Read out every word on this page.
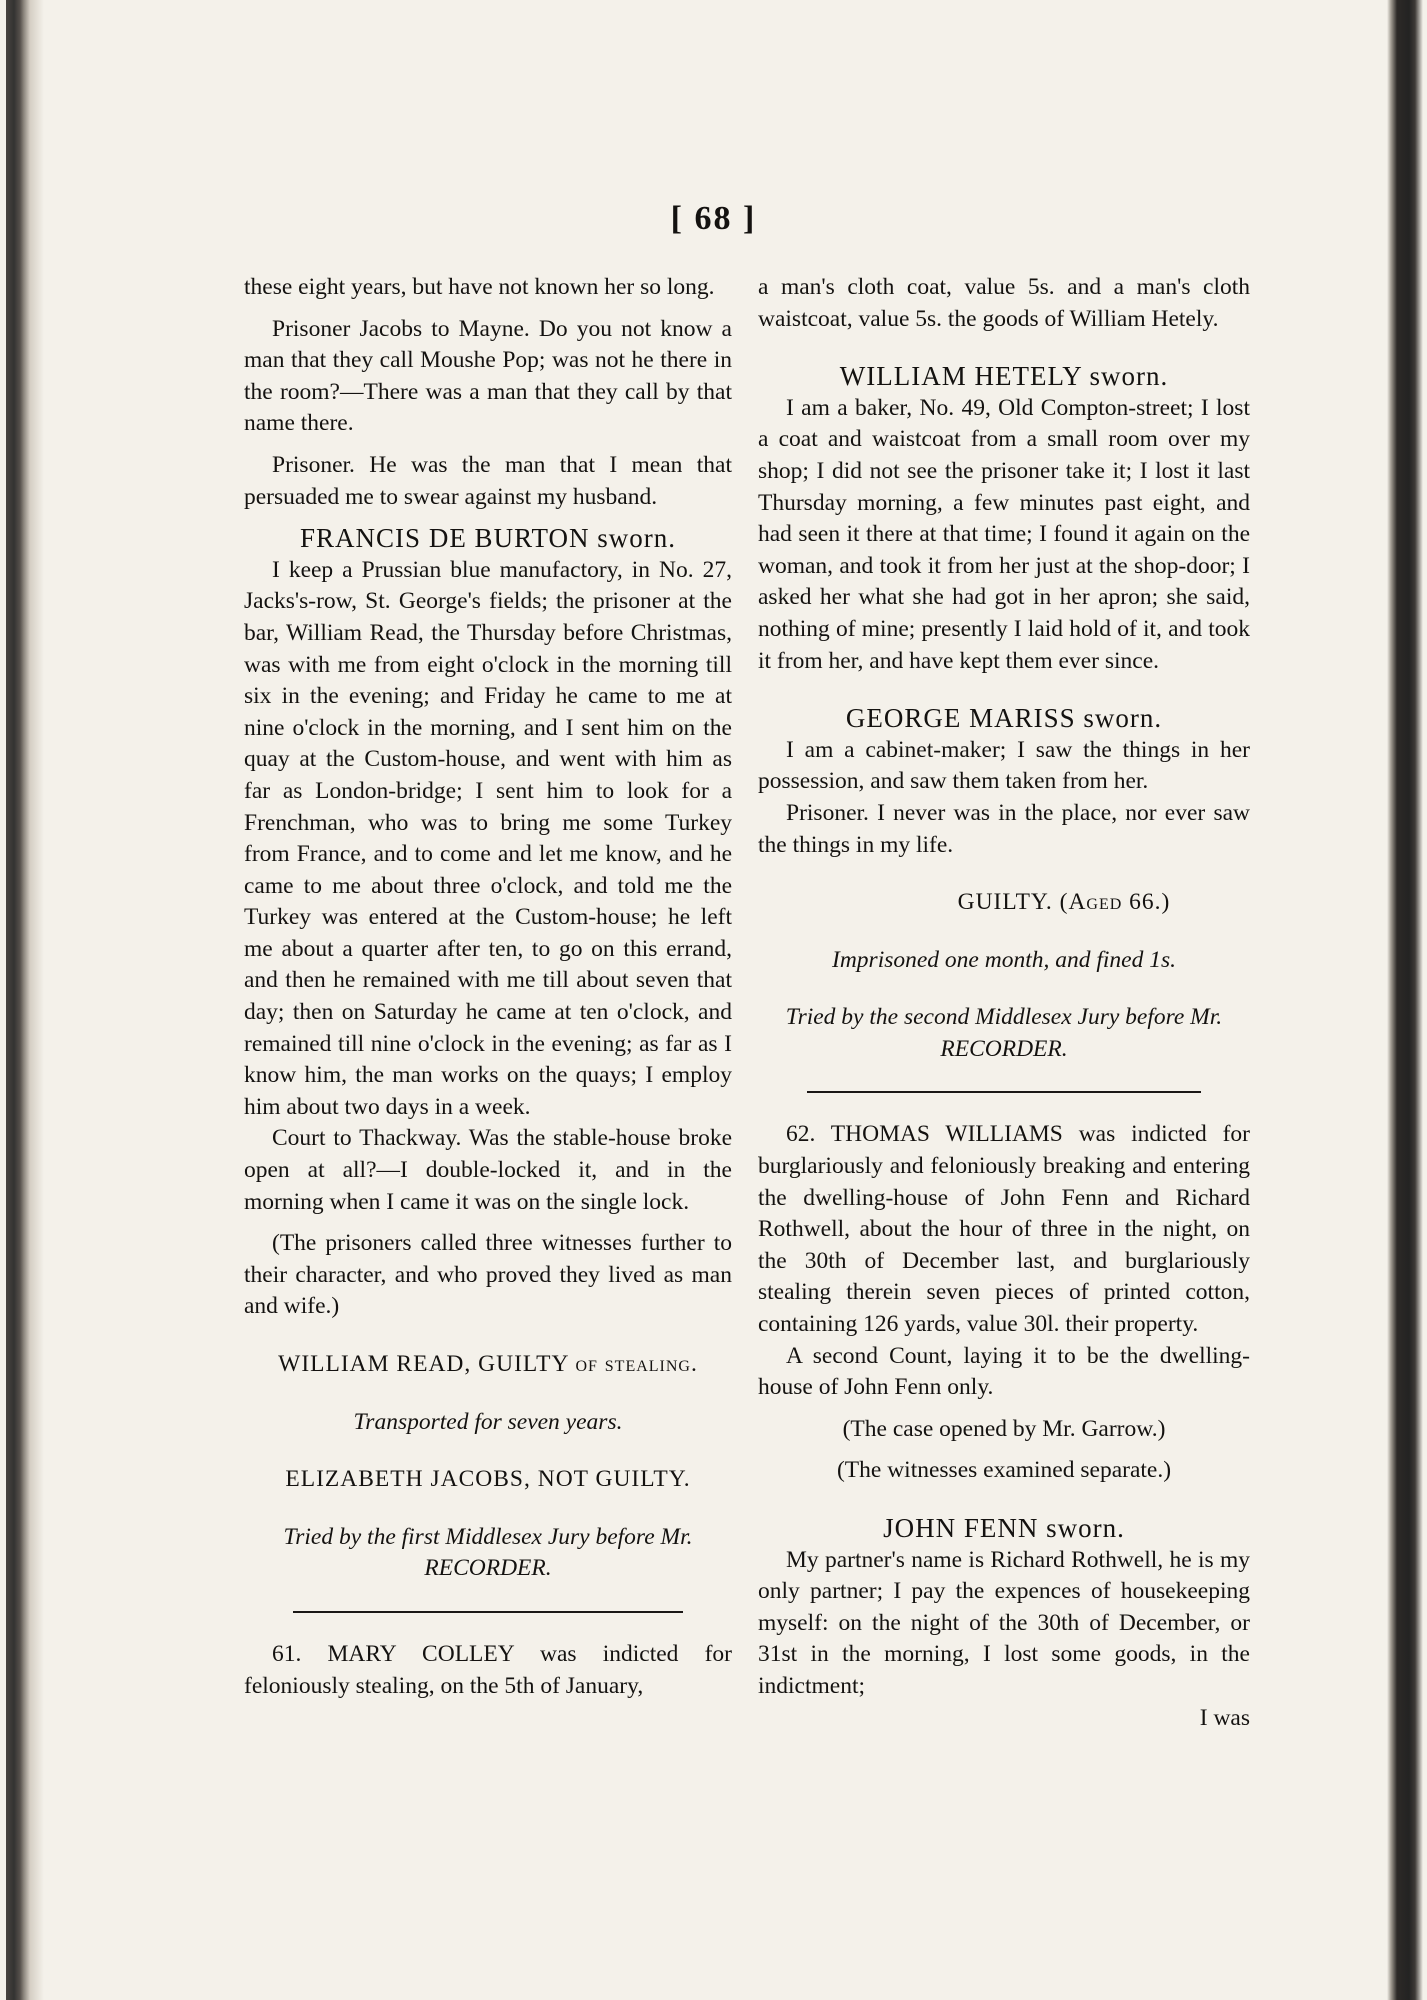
[ 68 ]

these eight years, but have not known her so long.

Prisoner Jacobs to Mayne. Do you not know a man that they call Moushe Pop; was not he there in the room?—There was a man that they call by that name there.

Prisoner. He was the man that I mean that persuaded me to swear against my husband.

FRANCIS DE BURTON sworn.

I keep a Prussian blue manufactory, in No. 27, Jacks's-row, St. George's fields; the prisoner at the bar, William Read, the Thursday before Christmas, was with me from eight o'clock in the morning till six in the evening; and Friday he came to me at nine o'clock in the morning, and I sent him on the quay at the Custom-house, and went with him as far as London-bridge; I sent him to look for a Frenchman, who was to bring me some Turkey from France, and to come and let me know, and he came to me about three o'clock, and told me the Turkey was entered at the Custom-house; he left me about a quarter after ten, to go on this errand, and then he remained with me till about seven that day; then on Saturday he came at ten o'clock, and remained till nine o'clock in the evening; as far as I know him, the man works on the quays; I employ him about two days in a week.

Court to Thackway. Was the stable-house broke open at all?—I double-locked it, and in the morning when I came it was on the single lock.

(The prisoners called three witnesses further to their character, and who proved they lived as man and wife.)

WILLIAM READ, GUILTY of stealing.

Transported for seven years.

ELIZABETH JACOBS, NOT GUILTY.

Tried by the first Middlesex Jury before Mr. RECORDER.

61. MARY COLLEY was indicted for feloniously stealing, on the 5th of January,

a man's cloth coat, value 5s. and a man's cloth waistcoat, value 5s. the goods of William Hetely.

WILLIAM HETELY sworn.

I am a baker, No. 49, Old Compton-street; I lost a coat and waistcoat from a small room over my shop; I did not see the prisoner take it; I lost it last Thursday morning, a few minutes past eight, and had seen it there at that time; I found it again on the woman, and took it from her just at the shop-door; I asked her what she had got in her apron; she said, nothing of mine; presently I laid hold of it, and took it from her, and have kept them ever since.

GEORGE MARISS sworn.

I am a cabinet-maker; I saw the things in her possession, and saw them taken from her.

Prisoner. I never was in the place, nor ever saw the things in my life.

GUILTY. (Aged 66.)

Imprisoned one month, and fined 1s.

Tried by the second Middlesex Jury before Mr. RECORDER.

62. THOMAS WILLIAMS was indicted for burglariously and feloniously breaking and entering the dwelling-house of John Fenn and Richard Rothwell, about the hour of three in the night, on the 30th of December last, and burglariously stealing therein seven pieces of printed cotton, containing 126 yards, value 30l. their property.

A second Count, laying it to be the dwelling-house of John Fenn only.

(The case opened by Mr. Garrow.)

(The witnesses examined separate.)

JOHN FENN sworn.

My partner's name is Richard Rothwell, he is my only partner; I pay the expences of housekeeping myself: on the night of the 30th of December, or 31st in the morning, I lost some goods, in the indictment;

I was
